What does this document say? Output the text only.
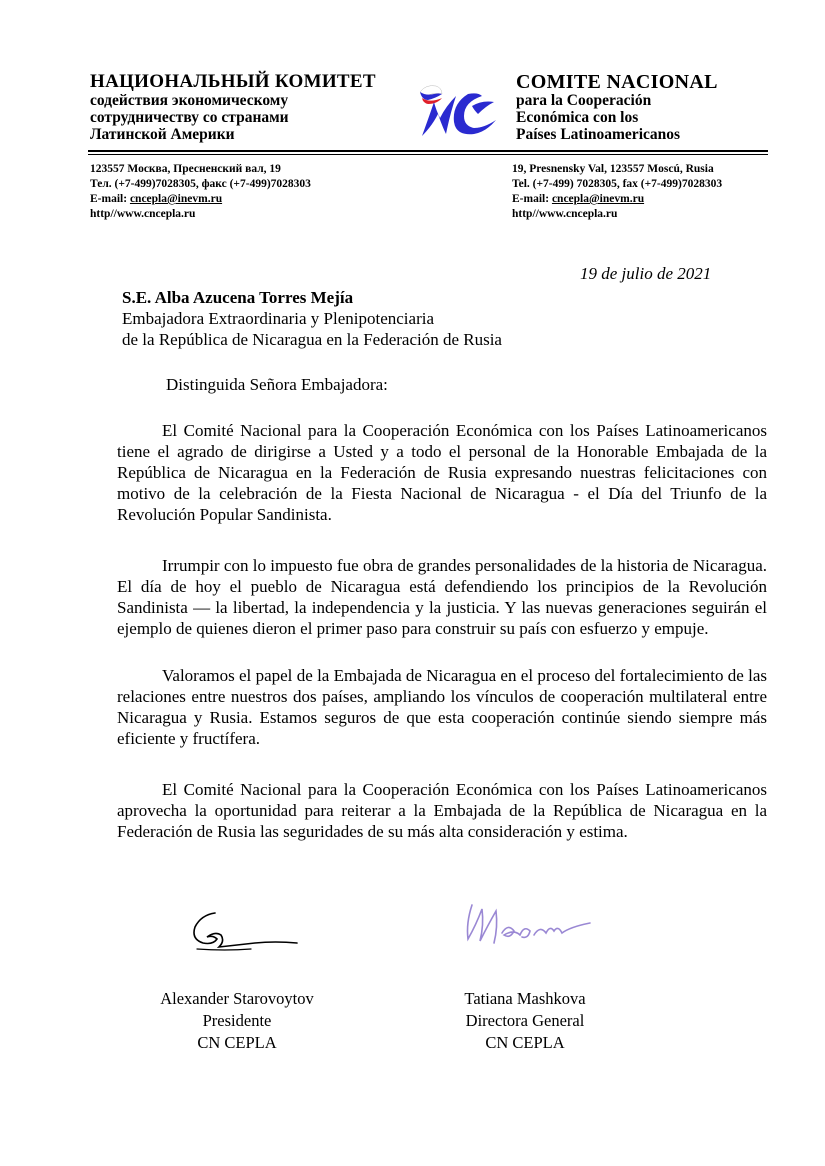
НАЦИОНАЛЬНЫЙ КОМИТЕТ
содействия экономическому
сотрудничеству со странами
Латинской Америки
COMITE NACIONAL
para la Cooperación
Económica con los
Países Latinoamericanos
123557 Москва, Пресненский вал, 19
Тел. (+7-499)7028305, факс (+7-499)7028303
E-mail: cncepla@inevm.ru
http//www.cncepla.ru
19, Presnensky Val, 123557 Moscú, Rusia
Tel. (+7-499) 7028305, fax (+7-499)7028303
E-mail: cncepla@inevm.ru
http//www.cncepla.ru
19 de julio de 2021
S.E. Alba Azucena Torres Mejía
Embajadora Extraordinaria y Plenipotenciaria
de la República de Nicaragua en la Federación de Rusia
Distinguida Señora Embajadora:

El Comité Nacional para la Cooperación Económica con los Países Latinoamericanos tiene el agrado de dirigirse a Usted y a todo el personal de la Honorable Embajada de la República de Nicaragua en la Federación de Rusia expresando nuestras felicitaciones con motivo de la celebración de la Fiesta Nacional de Nicaragua - el Día del Triunfo de la Revolución Popular Sandinista.

Irrumpir con lo impuesto fue obra de grandes personalidades de la historia de Nicaragua. El día de hoy el pueblo de Nicaragua está defendiendo los principios de la Revolución Sandinista — la libertad, la independencia y la justicia. Y las nuevas generaciones seguirán el ejemplo de quienes dieron el primer paso para construir su país con esfuerzo y empuje.

Valoramos el papel de la Embajada de Nicaragua en el proceso del fortalecimiento de las relaciones entre nuestros dos países, ampliando los vínculos de cooperación multilateral entre Nicaragua y Rusia. Estamos seguros de que esta cooperación continúe siendo siempre más eficiente y fructífera.

El Comité Nacional para la Cooperación Económica con los Países Latinoamericanos aprovecha la oportunidad para reiterar a la Embajada de la República de Nicaragua en la Federación de Rusia las seguridades de su más alta consideración y estima.

Alexander Starovoytov
Presidente
CN CEPLA
Tatiana Mashkova
Directora General
CN CEPLA
